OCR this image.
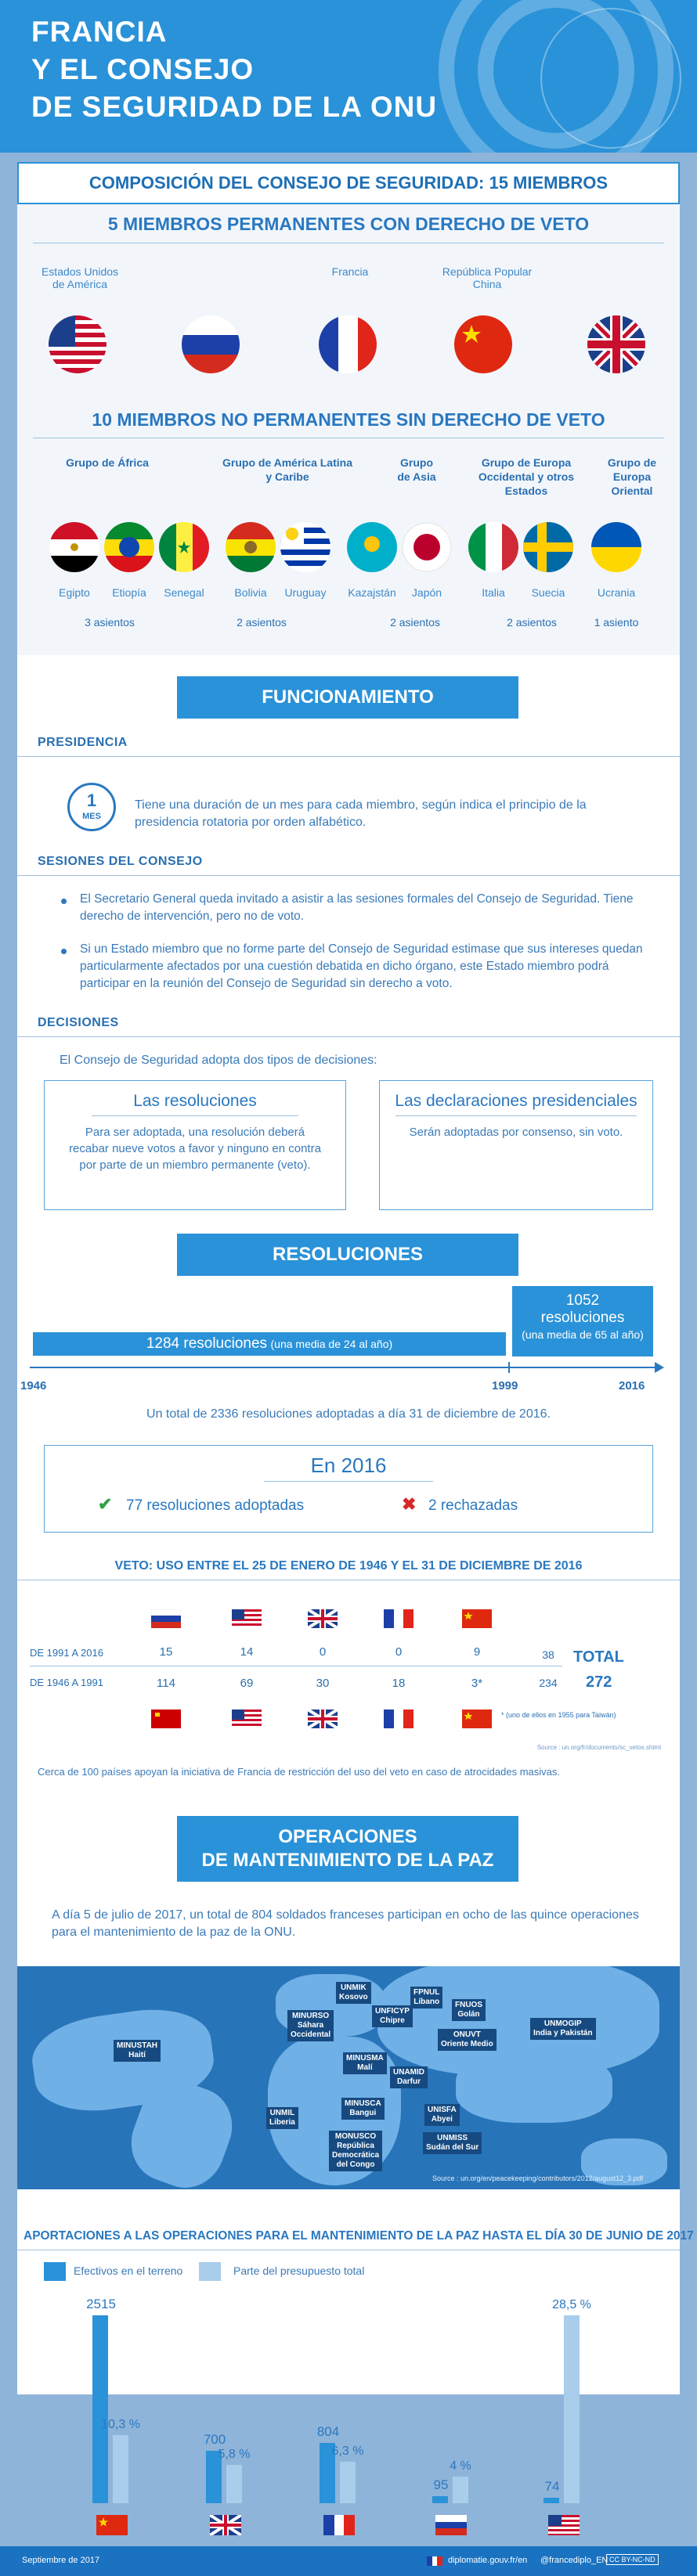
FRANCIA
Y EL CONSEJO
DE SEGURIDAD DE LA ONU
COMPOSICIÓN DEL CONSEJO DE SEGURIDAD: 15 MIEMBROS
5 MIEMBROS PERMANENTES CON DERECHO DE VETO
Estados Unidos
de América
Francia	República Popular
China
10 MIEMBROS NO PERMANENTES SIN DERECHO DE VETO
Grupo de África	Grupo de América Latina
y Caribe
Grupo
de Asia
Grupo de Europa
Occidental y otros
Estados
Grupo de
Europa
Oriental
Egipto	Etiopía	Senegal	Bolivia	Uruguay	Kazajstán	Japón	Italia	Suecia	Ucrania
3 asientos	2 asientos	2 asientos	2 asientos	1 asiento
FUNCIONAMIENTO
PRESIDENCIA
1
MES
Tiene una duración de un mes para cada miembro, según indica el principio de la presidencia rotatoria por orden alfabético.
SESIONES DEL CONSEJO
El Secretario General queda invitado a asistir a las sesiones formales del Consejo de Seguridad. Tiene derecho de intervención, pero no de voto.
Si un Estado miembro que no forme parte del Consejo de Seguridad estimase que sus intereses quedan particularmente afectados por una cuestión debatida en dicho órgano, este Estado miembro podrá participar en la reunión del Consejo de Seguridad sin derecho a voto.
DECISIONES
El Consejo de Seguridad adopta dos tipos de decisiones:
Las resoluciones
Para ser adoptada, una resolución deberá recabar nueve votos a favor y ninguno en contra por parte de un miembro permanente (veto).
Las declaraciones presidenciales
Serán adoptadas por consenso, sin voto.
RESOLUCIONES
1284 resoluciones (una media de 24 al año)
1052
resoluciones
(una media de 65 al año)
1946	1999	2016
Un total de 2336 resoluciones adoptadas a día 31 de diciembre de 2016.
En 2016
✔ 77 resoluciones adoptadas	✖ 2 rechazadas
VETO: USO ENTRE EL 25 DE ENERO DE 1946 Y EL 31 DE DICIEMBRE DE 2016
DE 1991 A 2016	15	14	0	0	9	38
DE 1946 A 1991	114	69	30	18	3*	234
TOTAL
272
* (uno de ellos en 1955 para Taiwán)
Source : un.org/fr/documents/sc_vetos.shtml
Cerca de 100 países apoyan la iniciativa de Francia de restricción del uso del veto en caso de atrocidades masivas.
OPERACIONES
DE MANTENIMIENTO DE LA PAZ
A día 5 de julio de 2017, un total de 804 soldados franceses participan en ocho de las quince operaciones para el mantenimiento de la paz de la ONU.
MINUSTAH
Haití
MINURSO
Sáhara
Occidental
UNMIK
Kosovo
UNFICYP
Chipre
FPNUL
Líbano	FNUOS
Golán
ONUVT
Oriente Medio
UNMOGIP
India y Pakistán
MINUSMA
Malí
UNAMID
Darfur
MINUSCA
Bangui	UNISFA
Abyei
UNMIL
Liberia
MONUSCO
República
Democrática
del Congo
UNMISS
Sudán del Sur
Source : un.org/en/peacekeeping/contributors/2012/august12_3.pdf
APORTACIONES A LAS OPERACIONES PARA EL MANTENIMIENTO DE LA PAZ HASTA EL DÍA 30 DE JUNIO DE 2017
Efectivos en el terreno	Parte del presupuesto total
2515
700
804
95	74
10,3 %
5,8 %	6,3 %
4 %
28,5 %
Septiembre de 2017	diplomatie.gouv.fr/en @francediplo_EN CC BY-NC-ND
